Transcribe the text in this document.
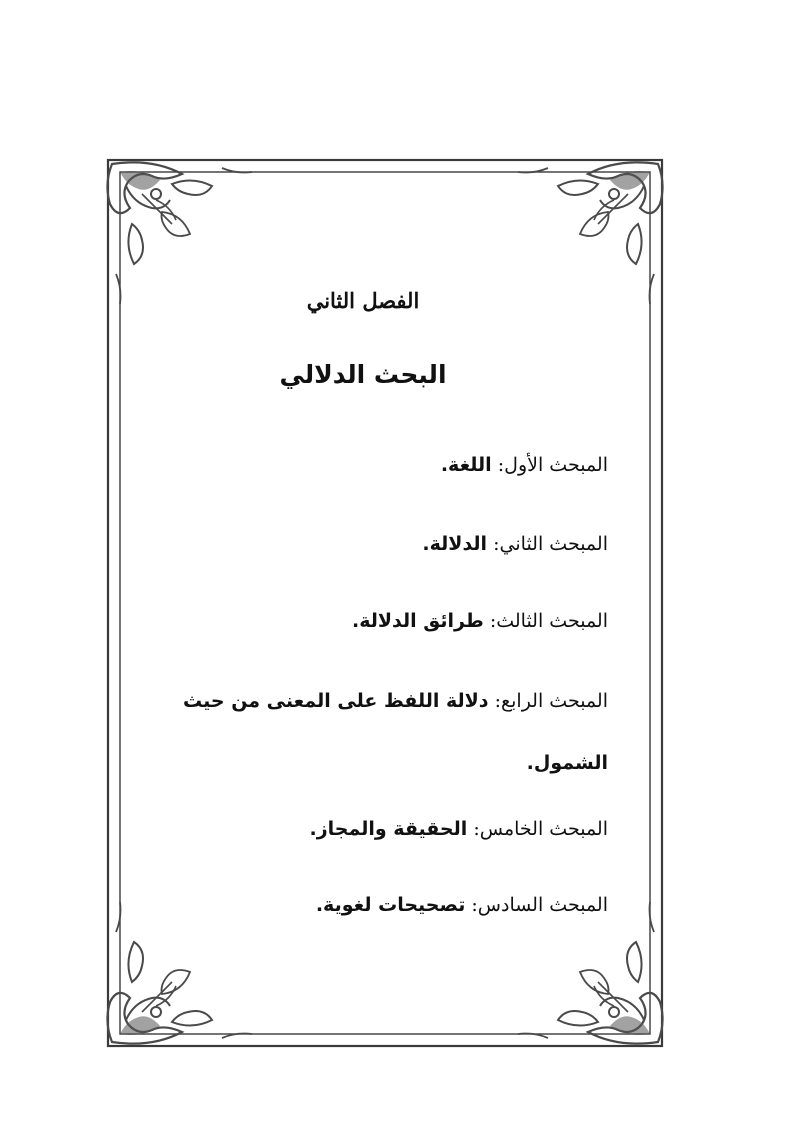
الفصل الثاني
البحث الدلالي
المبحث الأول: اللغة.
المبحث الثاني: الدلالة.
المبحث الثالث: طرائق الدلالة.
المبحث الرابع: دلالة اللفظ على المعنى من حيث الشمول.
المبحث الخامس: الحقيقة والمجاز.
المبحث السادس: تصحيحات لغوية.
